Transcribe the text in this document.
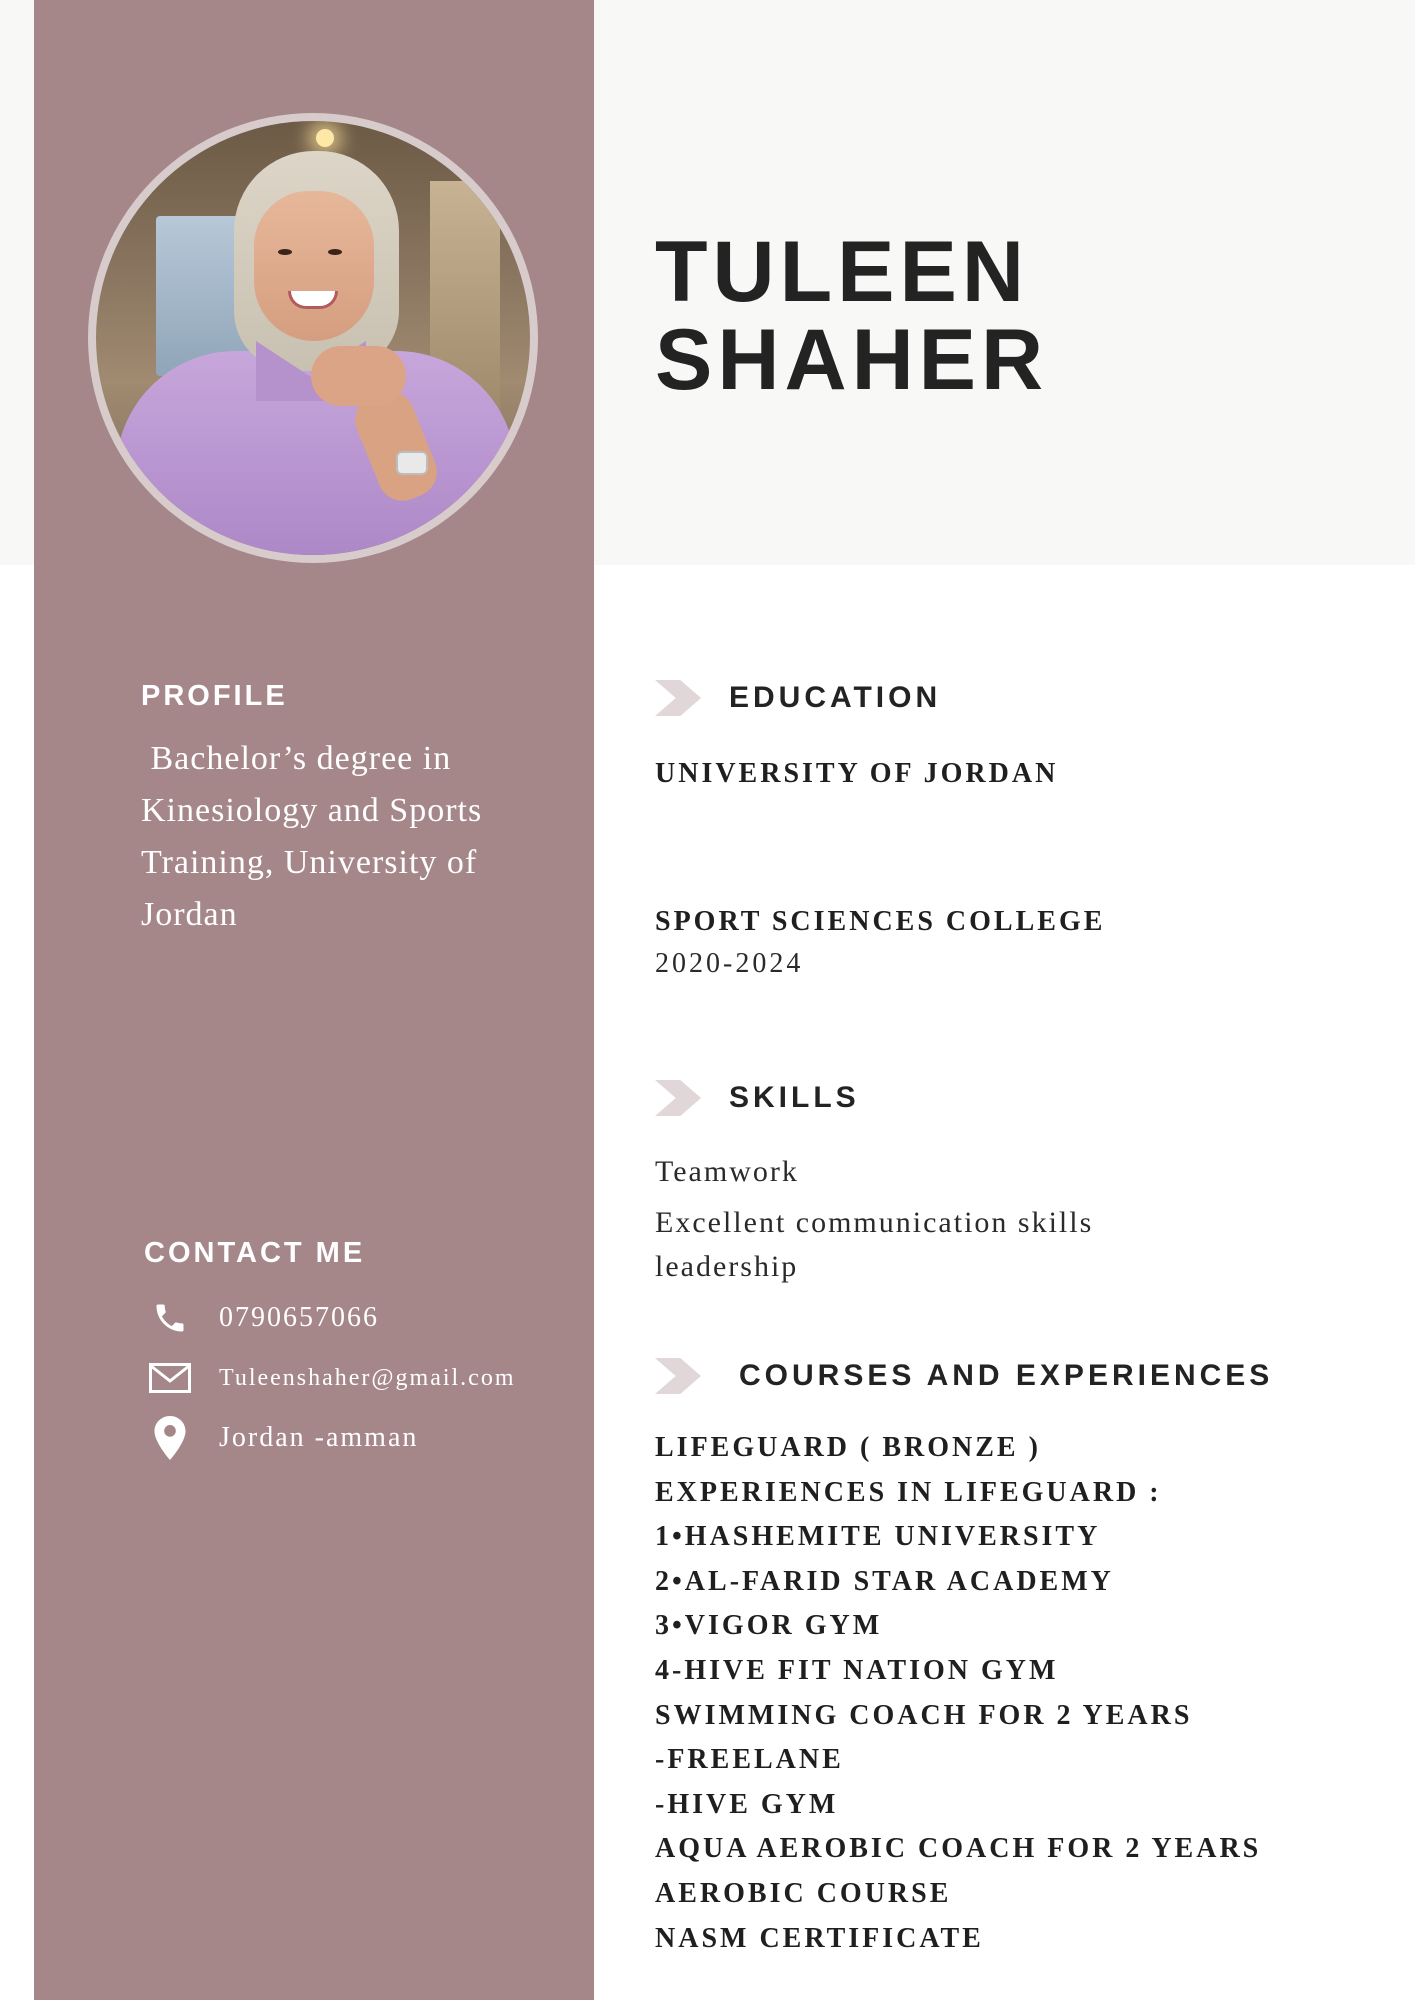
TULEEN
SHAHER
PROFILE
Bachelor’s degree in Kinesiology and Sports Training, University of Jordan
CONTACT ME
0790657066
Tuleenshaher@gmail.com
Jordan -amman
EDUCATION
UNIVERSITY OF JORDAN
SPORT SCIENCES COLLEGE
2020-2024
SKILLS
Teamwork
Excellent communication skills
leadership
COURSES AND EXPERIENCES
LIFEGUARD ( BRONZE )
EXPERIENCES IN LIFEGUARD :
1•HASHEMITE UNIVERSITY
2•AL-FARID STAR ACADEMY
3•VIGOR GYM
4-HIVE FIT NATION GYM
SWIMMING COACH FOR 2 YEARS
-FREELANE
-HIVE GYM
AQUA AEROBIC COACH FOR 2 YEARS
AEROBIC COURSE
NASM CERTIFICATE
